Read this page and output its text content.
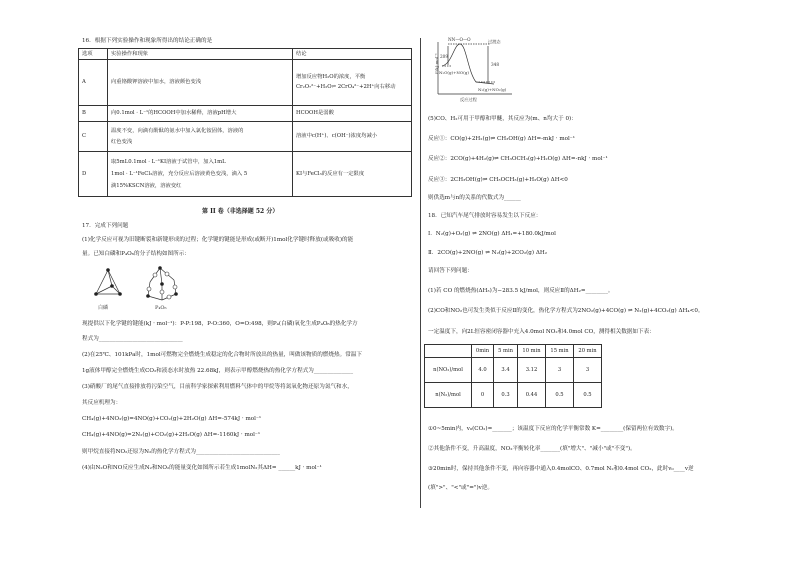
16．根据下列实验操作和现象所得出的结论正确的是
选项	实验操作和现象	结论
A	向重铬酸钾溶液中加水，溶液颜色变浅	增加反应物H₂O的浓度，平衡
Cr₂O₇²⁻+H₂O⇌ 2CrO₄²⁻+2H⁺向右移动

B	向0.1mol · L⁻¹的HCOOH中加水稀释，溶液pH增大	HCOOH是弱酸
C	温度不变，向滴有酚酞的氨水中加入氯化铵固体，溶液的
红色变浅	溶液中c(H⁺)、c(OH⁻)浓度均减小
D	取5mL0.1mol · L⁻¹KI溶液于试管中，加入1mL
1mol · L⁻¹FeCl₃溶液，充分反应后溶液黄色变浅，滴入 5
滴15%KSCN溶液，溶液变红	KI与FeCl₃的反应有一定限度
第 II 卷（非选择题 52 分）
17．完成下列问题
(1)化学反应可视为旧键断裂和新键形成的过程；化学键的键能是形成(或断开)1mol化学键时释放(或吸收)的能
量。已知白磷和P₄O₆的分子结构如图所示：
白磷	P₄O₆
现提供以下化学键的键能(kJ · mol⁻¹)：P-P:198，P-O:360，O=O:498，则P₄(白磷)氧化生成P₄O₆的热化学方
程式为______________________________
(2)在25℃、101kPa时，1mol可燃物完全燃烧生成稳定的化合物时所放出的热量，叫做该物质的燃烧热。常温下
1g液体甲醇完全燃烧生成CO₂和液态水时放热 22.68kJ，则表示甲醇燃烧热的热化学方程式为______________
(3)硝酸厂的尾气直接排放将污染空气，目前科学家探索利用燃料气体中的甲烷等将氮氧化物还原为氮气和水，
其反应机理为：
CH₄(g)+4NO₂(g)=4NO(g)+CO₂(g)+2H₂O(g) ΔH=-574kJ · mol⁻¹
CH₄(g)+4NO(g)=2N₂(g)+CO₂(g)+2H₂O(g) ΔH=-1160kJ · mol⁻¹
则甲烷直接将NO₂还原为N₂的热化学方程式为______________________________
(4)由N₂O和NO反应生成N₂和NO₂的能量变化如图所示若生成1molN₂其ΔH= ______kJ · mol⁻¹
E/kJ·mol⁻¹
NN—O—O	过渡态
209
348
N₂O(g)+NO(g)
N₂(g)+NO₂(g)
反应过程
(5)CO、H₂可用于甲醇和甲醚，其反应为(m、n均大于 0)：
反应①：CO(g)+2H₂(g)⇌ CH₃OH(g) ΔH=-mkJ · mol⁻¹
反应②：2CO(g)+4H₂(g)⇌ CH₃OCH₃(g)+H₂O(g) ΔH=-nkJ · mol⁻¹
反应③：2CH₃OH(g)⇌ CH₃OCH₃(g)+H₂O(g) ΔH<0
则供选m与n的关系的代数式为______
18．已知汽车尾气排放时容易发生以下反应：
Ⅰ．N₂(g)+O₂(g) ⇌ 2NO(g) ΔH₁=+180.0kJ/mol
Ⅱ．2CO(g)+2NO(g) ⇌ N₂(g)+2CO₂(g) ΔH₂
请回答下列问题：
(1)若 CO 的燃烧热(ΔH₃)为−283.5 kJ/mol，则反应Ⅱ的ΔH₂=________。
(2)CO和NO₂也可发生类似于反应Ⅱ的变化，热化学方程式为2NO₂(g)+4CO(g) ⇌ N₂(g)+4CO₂(g) ΔH₄<0。
一定温度下，向2L恒容密闭容器中充入4.0mol NO₂和4.0mol CO，测得相关数据如下表：
	0min	5 min	10 min	15 min	20 min
n(NO₂)/mol	4.0	3.4	3.12	3	3
n(N₂)/mol	0	0.3	0.44	0.5	0.5
①0~5min内，v₀(CO₂)=_______；该温度下反应的化学平衡常数 K=________(保留两位有效数字)。
②其他条件不变，升高温度，NO₂平衡转化率_______(填"增大"、"减小"或"不变")。
③20min时，保持其他条件不变，再向容器中通入0.4molCO、0.7mol N₂和0.4mol CO₂，此时v₀____v逆
(填">"、"<"或"=")v逆。
